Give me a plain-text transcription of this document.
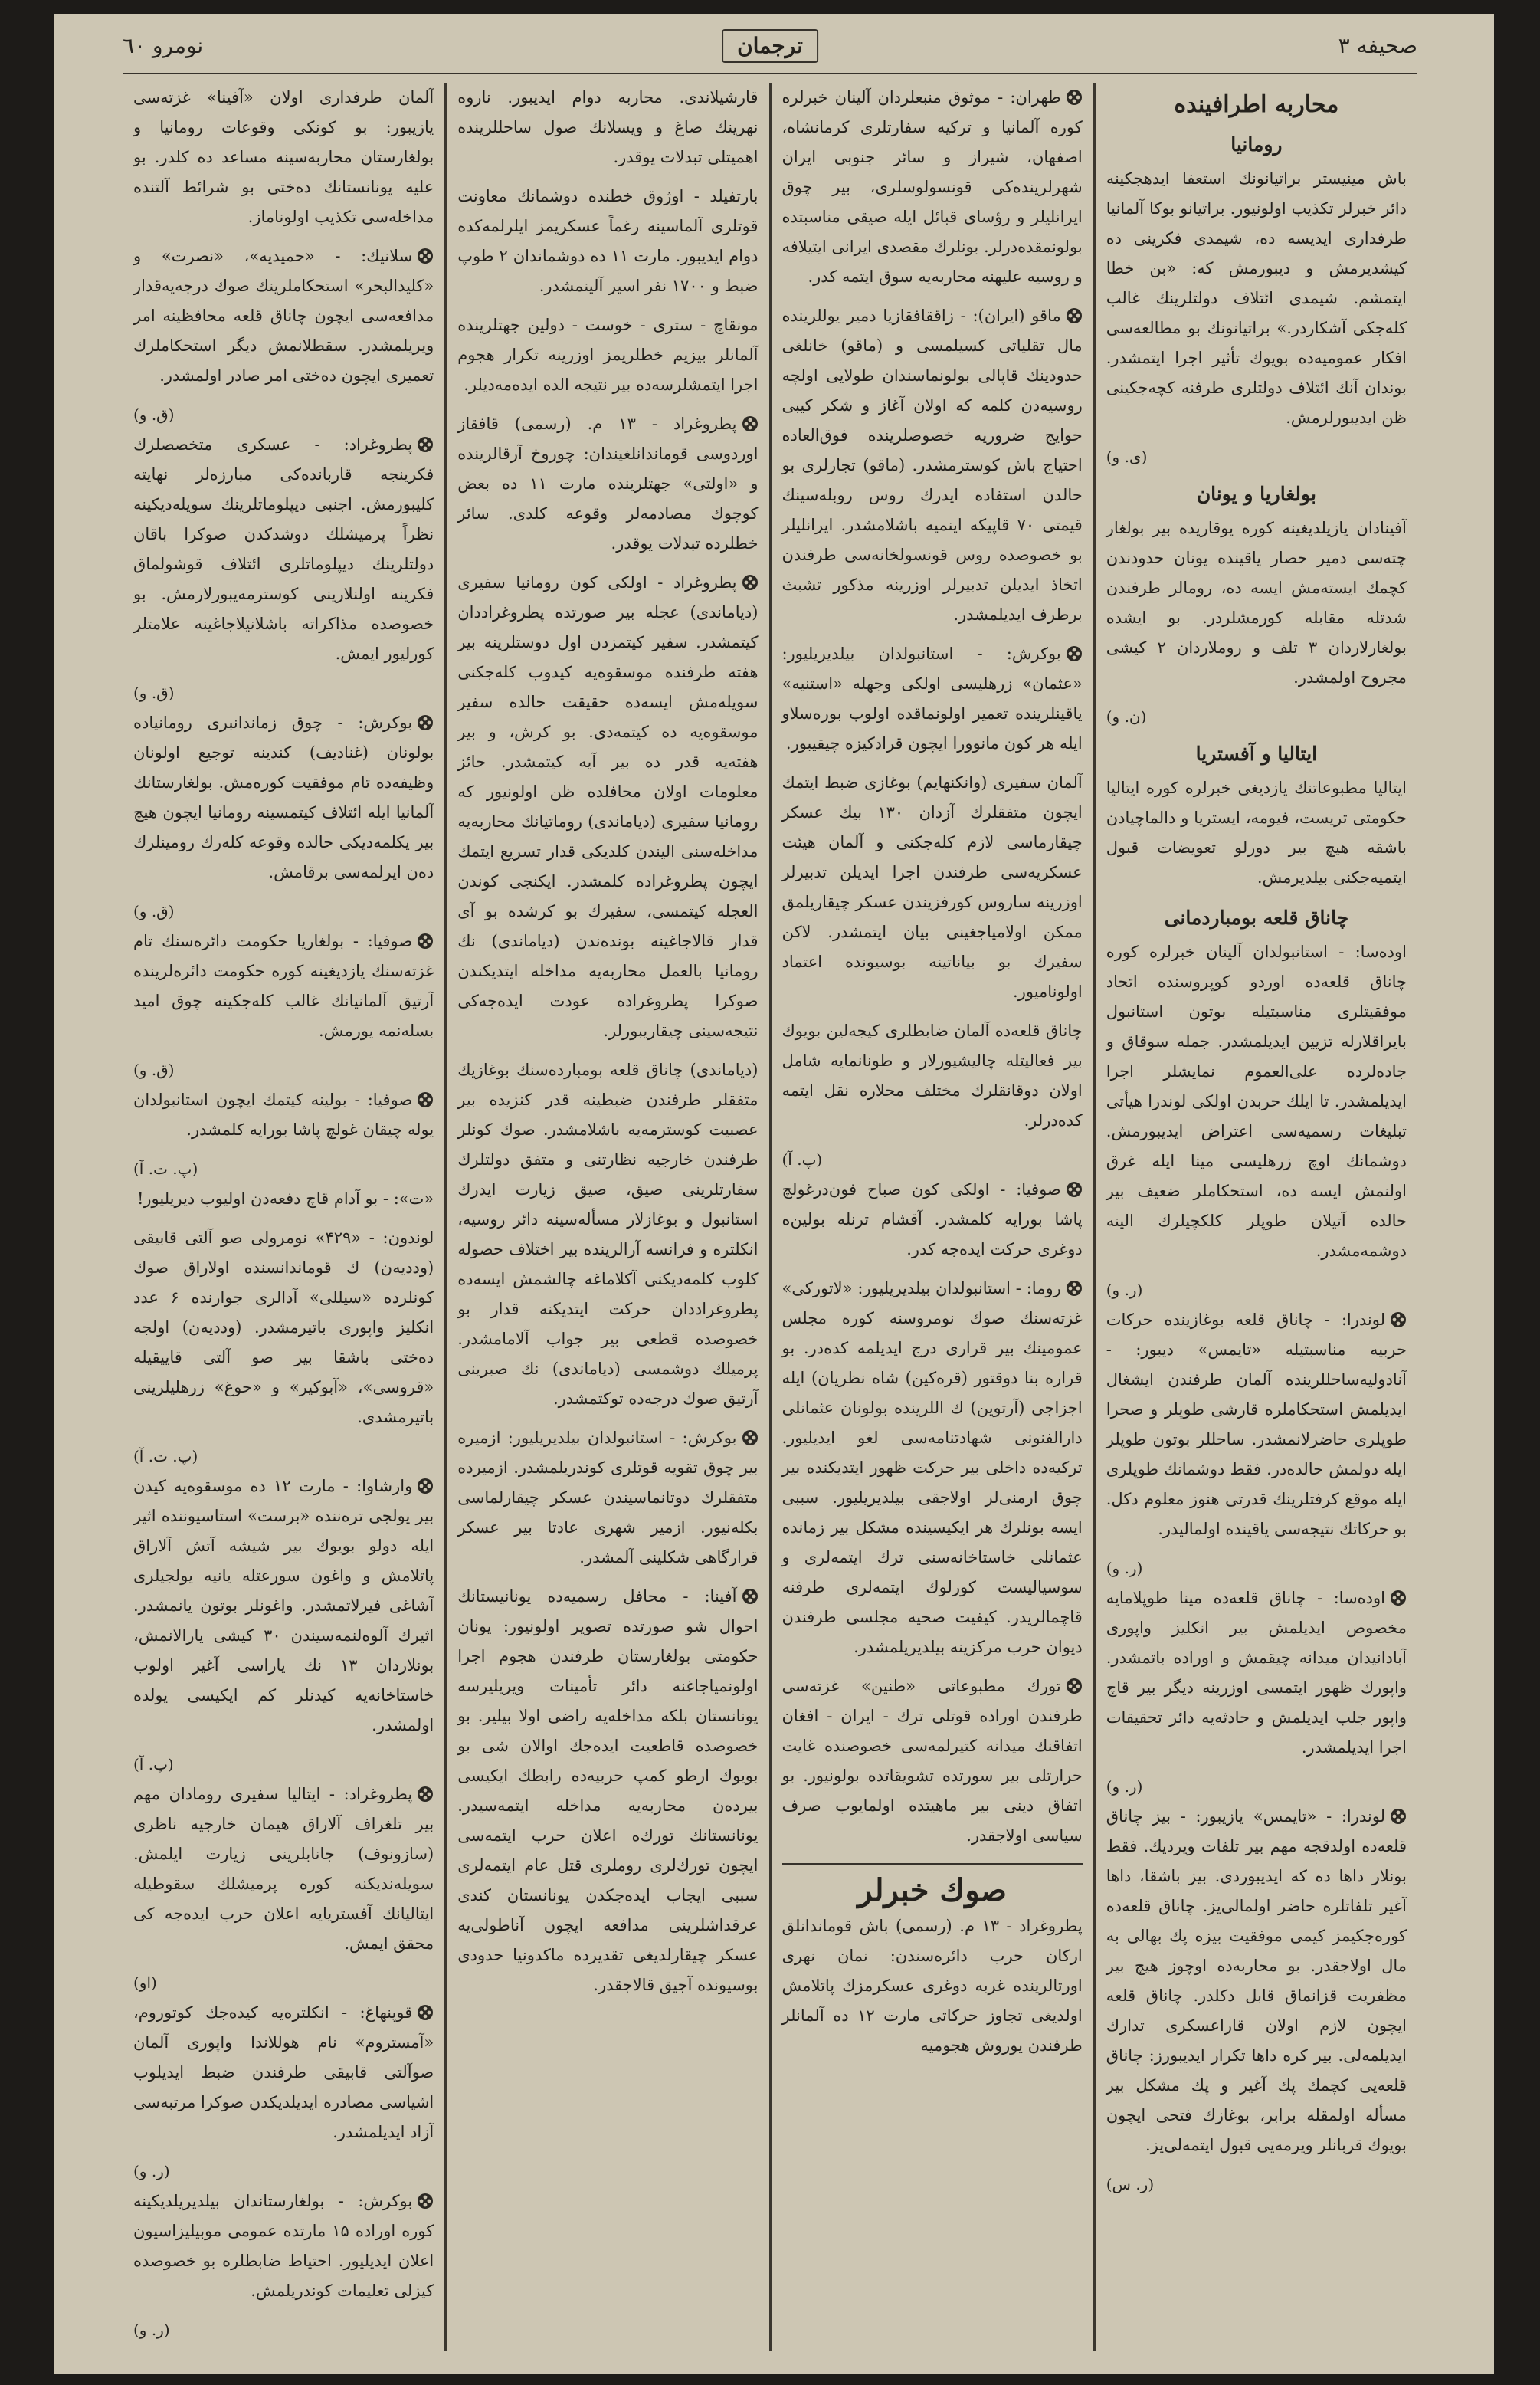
صحیفه ۳
ترجمان
نومرو ٦٠
محاربه اطرافینده
رومانیا

باش مینیستر براتیانونك استعفا ایدهجكینه دائر خبرلر تكذیب اولونیور. براتیانو بوكا آلمانیا طرفداری ایدیسه ده، شیمدی فكرینی ده كیشدیرمش و دیبورمش كه: «بن خطا ایتمشم. شیمدی ائتلاف دولتلرینك غالب كله‌جكی آشكاردر.» براتیانونك بو مطالعه‌سی افكار عمومیه‌ده بویوك تأثیر اجرا ایتمشدر. بوندان آنك ائتلاف دولتلری طرفنه كچه‌جكینی ظن ایدیبورلرمش.

(ی. و)
بولغاریا و یونان

آفینادان یازیلدیغینه كوره یوقاریده بیر بولغار چته‌سی دمیر حصار یاقینده یونان حدودندن كچمك ایسته‌مش ایسه ده، رومالر طرفندن شدتله مقابله كورمشلردر. بو ایشده بولغارلاردان ۳ تلف و روملاردان ۲ كیشی مجروح اولمشدر.

(ن. و)
ایتالیا و آفستریا

ایتالیا مطبوعاتنك یازدیغی خبرلره كوره ایتالیا حكومتی تریست، فیومه، ایستریا و دالماچیادن باشقه هیچ بیر دورلو تعویضات قبول ایتمیه‌جكنی بیلدیرمش.

چاناق قلعه بومباردمانی

اوده‌سا: - استانبولدان آلینان خبرلره كوره چاناق قلعه‌ده اوردو كوپروسنده اتحاد موفقیتلری مناسبتیله بوتون استانبول بایراقلارله تزیین ایدیلمشدر. جمله سوقاق و جاده‌لرده علی‌العموم نمایشلر اجرا ایدیلمشدر. تا ایلك حربدن اولكی لوندرا هیأتی تبلیغات رسمیه‌سی اعتراض ایدیبورمش. دوشمانك اوچ زرهلیسی مینا ایله غرق اولنمش ایسه ده، استحكاملر ضعیف بیر حالده آتیلان طوپلر كلكچیلرك الینه دوشمه‌مشدر.

(ر. و)

لوندرا: - چاناق قلعه بوغازینده حركات حربیه مناسبتیله «تایمس» دیبور: - آنادولیه‌ساحللرینده آلمان طرفندن ایشغال ایدیلمش استحكاملره قارشی طوپلر و صحرا طوپلری حاضرلانمشدر. ساحللر بوتون طوپلر ایله دولمش حالده‌در. فقط دوشمانك طوپلری ایله موقع كرفتلرینك قدرتی هنوز معلوم دكل. بو حركاتك نتیجه‌سی یاقینده اولمالیدر.

(ر. و)

اوده‌سا: - چاناق قلعه‌ده مینا طوپلامایه مخصوص ایدیلمش بیر انكلیز واپوری آبادانیدان میدانه چیقمش و اوراده باتمشدر. واپورك ظهور ایتمسی اوزرینه دیگر بیر قاچ واپور جلب ایدیلمش و حادثه‌یه دائر تحقیقات اجرا ایدیلمشدر.

(ر. و)

لوندرا: - «تایمس» یازیبور: - بیز چاناق قلعه‌ده اولدقجه مهم بیر تلفات ویردیك. فقط بونلار داها ده كه ایدیبوردی. بیز باشقا، داها آغیر تلفاتلره حاضر اولمالی‌یز. چاناق قلعه‌ده كوره‌جكیمز كیمی موفقیت بیزه پك بهالی به مال اولاجقدر. بو محاربه‌ده اوچوز هیچ بیر مظفریت قزانماق قابل دكلدر. چاناق قلعه ایچون لازم اولان قاراعسكری تدارك ایدیلمه‌لی. بیر كره داها تكرار ایدیبورز: چاناق قلعه‌یی كچمك پك آغیر و پك مشكل بیر مسأله اولمقله برابر، بوغازك فتحی ایچون بویوك قربانلر ویرمه‌یی قبول ایتمه‌لی‌یز.

(ر. س)

طهران: - موثوق منبعلردان آلینان خبرلره كوره آلمانیا و تركیه سفارتلری كرمانشاه، اصفهان، شیراز و سائر جنوبی ایران شهرلرینده‌كی قونسولوسلری، بیر چوق ایرانلیلر و رؤسای قبائل ایله صیقی مناسبتده بولونمقده‌درلر. بونلرك مقصدی ایرانی ایتیلافه و روسیه علیهنه محاربه‌یه سوق ایتمه كدر.

ماقو (ایران): - زاققافقازیا دمیر یوللرینده مال تقلیاتی كسیلمسی و (ماقو) خانلغی حدودینك قاپالی بولونماسندان طولایی اولچه روسیه‌دن كلمه كه اولان آغاز و شكر كیبی حوایج ضروریه خصوصلرینده فوق‌العاده احتیاج باش كوسترمشدر. (ماقو) تجارلری بو حالدن استفاده ایدرك روس روبله‌سینك قیمتی ۷۰ قاپیكه اینمیه باشلامشدر. ایرانلیلر بو خصوصده روس قونسولخانه‌سی طرفندن اتخاذ ایدیلن تدبیرلر اوزرینه مذكور تشبث برطرف ایدیلمشدر.

بوكرش: - استانبولدان بیلدیریلیور: «عثمان» زرهلیسی اولكی وجهله «استنیه» یاقینلرینده تعمیر اولونماقده اولوب بوره‌سلاو ایله هر كون مانوورا ایچون قرادكیزه چیقیبور.

آلمان سفیری (وانكنهایم) بوغازی ضبط ایتمك ایچون متفقلرك آزدان ۱۳۰ بیك عسكر چیقارماسی لازم كله‌جكنی و آلمان هیئت عسكریه‌سی طرفندن اجرا ایدیلن تدبیرلر اوزرینه ساروس كورفزیندن عسكر چیقاریلمق ممكن اولامیاجغینی بیان ایتمشدر. لاكن سفیرك بو بیاناتینه بوسیونده اعتماد اولونامیور.

چاناق قلعه‌ده آلمان ضابطلری كیجه‌لین بویوك بیر فعالیتله چالیشیورلار و طونانمایه شامل اولان دوقانقلرك مختلف محلاره نقل ایتمه كده‌درلر.

(پ. آ)

صوفیا: - اولكی كون صباح فون‌درغولچ پاشا بورایه كلمشدر. آقشام ترنله بولین‌ه دوغری حركت ایده‌جه كدر.

روما: - استانبولدان بیلدیریلیور: «لاتوركی» غزته‌سنك صوك نومروسنه كوره مجلس عمومینك بیر قراری درج ایدیلمه كده‌در. بو قراره بنا دوقتور (قره‌كین) شاه نظریان) ایله اجزاجی (آرتوین) ك اللرینده بولونان عثمانلی دارالفنونی شهادتنامه‌سی لغو ایدیلیور. تركیه‌ده داخلی بیر حركت ظهور ایتدیكنده بیر چوق ارمنی‌لر اولاجقی بیلدیریلیور. سببی ایسه بونلرك هر ایكیسینده مشكل بیر زمانده عثمانلی خاستاخانه‌سنی ترك ایتمه‌لری و سوسیالیست كورلوك ایتمه‌لری طرفنه قاچمالریدر. كیفیت صحیه مجلسی طرفندن دیوان حرب مركزینه بیلدیریلمشدر.

تورك مطبوعاتی «طنین» غزته‌سی طرفندن اوراده قوتلی ترك - ایران - افغان اتفاقنك میدانه كتیرلمه‌سی خصوصنده غایت حرارتلی بیر سورتده تشویقاتده بولونیور. بو اتفاق دینی بیر ماهیتده اولمایوب صرف سیاسی اولاجقدر.

صوك خبرلر

پطروغراد - ۱۳ م. (رسمی) باش قوماندانلق اركان حرب دائره‌سندن: نمان نهری اورتالرینده غربه دوغری عسكرمزك پاتلامش اولدیغی تجاوز حركاتی مارت ۱۲ ده آلمانلر طرفندن یوروش هجومیه

قارشیلاندی. محاربه دوام ایدیبور. ناروه نهرینك صاغ و ویسلانك صول ساحللرینده اهمیتلی تبدلات یوقدر.

بارتفیلد - اوژوق خطنده دوشمانك معاونت قوتلری آلماسینه رغماً عسكریمز ایلرلمه‌كده دوام ایدیبور. مارت ۱۱ ده دوشماندان ۲ طوپ ضبط و ۱۷۰۰ نفر اسیر آلینمشدر.

مونقاچ - ستری - خوست - دولین جهتلرینده آلمانلر بیزیم خطلریمز اوزرینه تكرار هجوم اجرا ایتمشلرسه‌ده بیر نتیجه الده ایده‌مه‌دیلر.

پطروغراد - ۱۳ م. (رسمی) قافقاز اوردوسی قوماندانلغیندان: چوروخ آرقالرینده و «اولتی» جهتلرینده مارت ۱۱ ده بعض كوچوك مصادمه‌لر وقوعه كلدی. سائر خطلرده تبدلات یوقدر.

پطروغراد - اولكی كون رومانیا سفیری (دیاماندی) عجله بیر صورتده پطروغراددان كیتمشدر. سفیر كیتمزدن اول دوستلرینه بیر هفته طرفنده موسقوه‌یه كیدوب كله‌جكنی سویله‌مش ایسه‌ده حقیقت حالده سفیر موسقوه‌یه ده كیتمه‌دی. بو كرش، و بیر هفته‌یه قدر ده بیر آیه كیتمشدر. حائز معلومات اولان محافلده ظن اولونیور كه رومانیا سفیری (دیاماندی) روماتیانك محاربه‌یه مداخله‌سنی الیندن كلدیكی قدار تسریع ایتمك ایچون پطروغراده كلمشدر. ایكنجی كوندن العجله كیتمسی، سفیرك بو كرشده بو آی قدار قالاجاغینه بونده‌ندن (دیاماندی) نك رومانیا بالعمل محاربه‌یه مداخله ایتدیكندن صوكرا پطروغراده عودت ایده‌جه‌كی نتیجه‌سینی چیقاریبورلر.

(دیاماندی) چاناق قلعه بومبارده‌سنك بوغازیك متفقلر طرفندن ضبطینه قدر كنزیده بیر عصبیت كوسترمه‌یه باشلامشدر. صوك كونلر طرفندن خارجیه نظارتنی و متفق دولتلرك سفارتلرینی صیق، صیق زیارت ایدرك استانبول و بوغازلار مسأله‌سینه دائر روسیه، انكلتره و فرانسه آرالرینده بیر اختلاف حصوله كلوب كلمه‌دیكنی آكلاماغه چالشمش ایسه‌ده پطروغراددان حركت ایتدیكنه قدار بو خصوصده قطعی بیر جواب آلامامشدر. پرمیلك دوشمسی (دیاماندی) نك صبرینی آرتیق صوك درجه‌ده توكتمشدر.

بوكرش: - استانبولدان بیلدیریلیور: ازمیره بیر چوق تقویه قوتلری كوندریلمشدر. ازمیرده متفقلرك دوتانماسیندن عسكر چیقارلماسی بكله‌نیور. ازمیر شهری عادتا بیر عسكر قرارگاهی شكلینی آلمشدر.

آفینا: - محافل رسمیه‌ده یونانیستانك احوال شو صورتده تصویر اولونیور: یونان حكومتی بولغارستان طرفندن هجوم اجرا اولونمیاجاغنه دائر تأمینات ویریلیرسه یونانستان بلكه مداخله‌یه راضی اولا بیلیر. بو خصوصده قاطعیت ایده‌جك اوالان شی بو بویوك ارطو كمپ حربیه‌ده رابطك ایكیسی بیرده‌ن محاربه‌یه مداخله ایتمه‌سیدر. یونانستانك تورك‌ه اعلان حرب ایتمه‌سی ایچون تورك‌لری روملری قتل عام ایتمه‌لری سببی ایجاب ایده‌جكدن یونانستان كندی عرقداشلرینی مدافعه ایچون آناطولی‌یه عسكر چیقارلدیغی تقدیرده ماكدونیا حدودی بوسیونده آجیق قالاجقدر.

آلمان طرفداری اولان «آفینا» غزته‌سی یازیبور: بو كونكی وقوعات رومانیا و بولغارستان محاربه‌سینه مساعد ده كلدر. بو علیه یونانستانك ده‌ختی بو شرائط آلتنده مداخله‌سی تكذیب اولوناماز.

سلانیك: - «حمیدیه»، «نصرت» و «كلیدالبحر» استحكاملرینك صوك درجه‌یه‌قدار مدافعه‌سی ایچون چاناق قلعه محافظینه امر ویریلمشدر. سقطلانمش دیگر استحكاملرك تعمیری ایچون ده‌ختی امر صادر اولمشدر.

(ق. و)

پطروغراد: - عسكری متخصصلرك فكرینجه قاربانده‌كی مبارزه‌لر نهایته كلیبورمش. اجنبی دیپلوماتلرینك سویله‌دیكینه نظراً پرمیشلك دوشدكدن صوكرا باقان دولتلرینك دیپلوماتلری ائتلاف قوشولماق فكرینه اولنلارینی كوسترمه‌یبورلارمش. بو خصوصده مذاكراته باشلانیلاجاغینه علامتلر كورلیور ایمش.

(ق. و)

بوكرش: - چوق زماندانبری رومانیاده بولونان (غنادیف) كندینه توجیع اولونان وظیفه‌ده تام موفقیت كوره‌مش. بولغارستانك آلمانیا ایله ائتلاف كیتمسینه رومانیا ایچون هیچ بیر یكلمه‌دیكی حالده وقوعه كله‌رك رومینلرك ده‌ن ایرلمه‌سی برقامش.

(ق. و)

صوفیا: - بولغاریا حكومت دائره‌سنك تام غزته‌سنك یازدیغینه كوره حكومت دائره‌لرینده آرتیق آلمانیانك غالب كله‌جكینه چوق امید بسله‌نمه یورمش.

(ق. و)

صوفیا: - بولینه كیتمك ایچون استانبولدان یوله چیقان غولچ پاشا بورایه كلمشدر.

(پ. ت. آ)

«ت»: - بو آدام قاچ دفعه‌دن اولیوب دیریلیور!

لوندون: - «۴۲۹» نومرولی صو آلتی قابیقی (وددیه‌ن) ك قوماندانسنده اولاراق صوك كونلرده «سیللی» آدالری جوارنده ۶ عدد انكلیز واپوری باتیرمشدر. (وددیه‌ن) اولجه ده‌ختی باشقا بیر صو آلتی قاییقیله «قروسی»، «آبوكیر» و «حوغ» زرهلیلرینی باتیرمشدی.

(پ. ت. آ)

وارشاوا: - مارت ۱۲ ده موسقوه‌یه كیدن بیر یولجی تره‌ننده «برست» استاسیوننده اثیر ایله دولو بویوك بیر شیشه آتش آلاراق پاتلامش و واغون سورعتله یانیه یولجیلری آشاغی فیرلاتمشدر. واغونلر بوتون یانمشدر. اثیرك آلوه‌لنمه‌سیندن ۳۰ كیشی یارالانمش، بونلاردان ۱۳ نك یاراسی آغیر اولوب خاستاخانه‌یه كیدنلر كم ایكیسی یولده اولمشدر.

(پ. آ)

پطروغراد: - ایتالیا سفیری رومادان مهم بیر تلغراف آلاراق هیمان خارجیه ناظری (سازونوف) جانابلرینی زیارت ایلمش. سویله‌ندیكنه كوره پرمیشلك سقوطیله ایتالیانك آفستریایه اعلان حرب ایده‌جه كی محقق ایمش.

(او)

قوپنهاغ: - انكلتره‌یه كیده‌جك كوتوروم، «آمستروم» نام هوللاندا واپوری آلمان صوآلتی قابیقی طرفندن ضبط ایدیلوب اشیاسی مصادره ایدیلدیكدن صوكرا مرتبه‌سی آزاد ایدیلمشدر.

(ر. و)

بوكرش: - بولغارستاندان بیلدیریلدیكینه كوره اوراده ۱۵ مارتده عمومی موبیلیزاسیون اعلان ایدیلیور. احتیاط ضابطلره بو خصوصده كیزلی تعلیمات كوندریلمش.

(ر. و)
